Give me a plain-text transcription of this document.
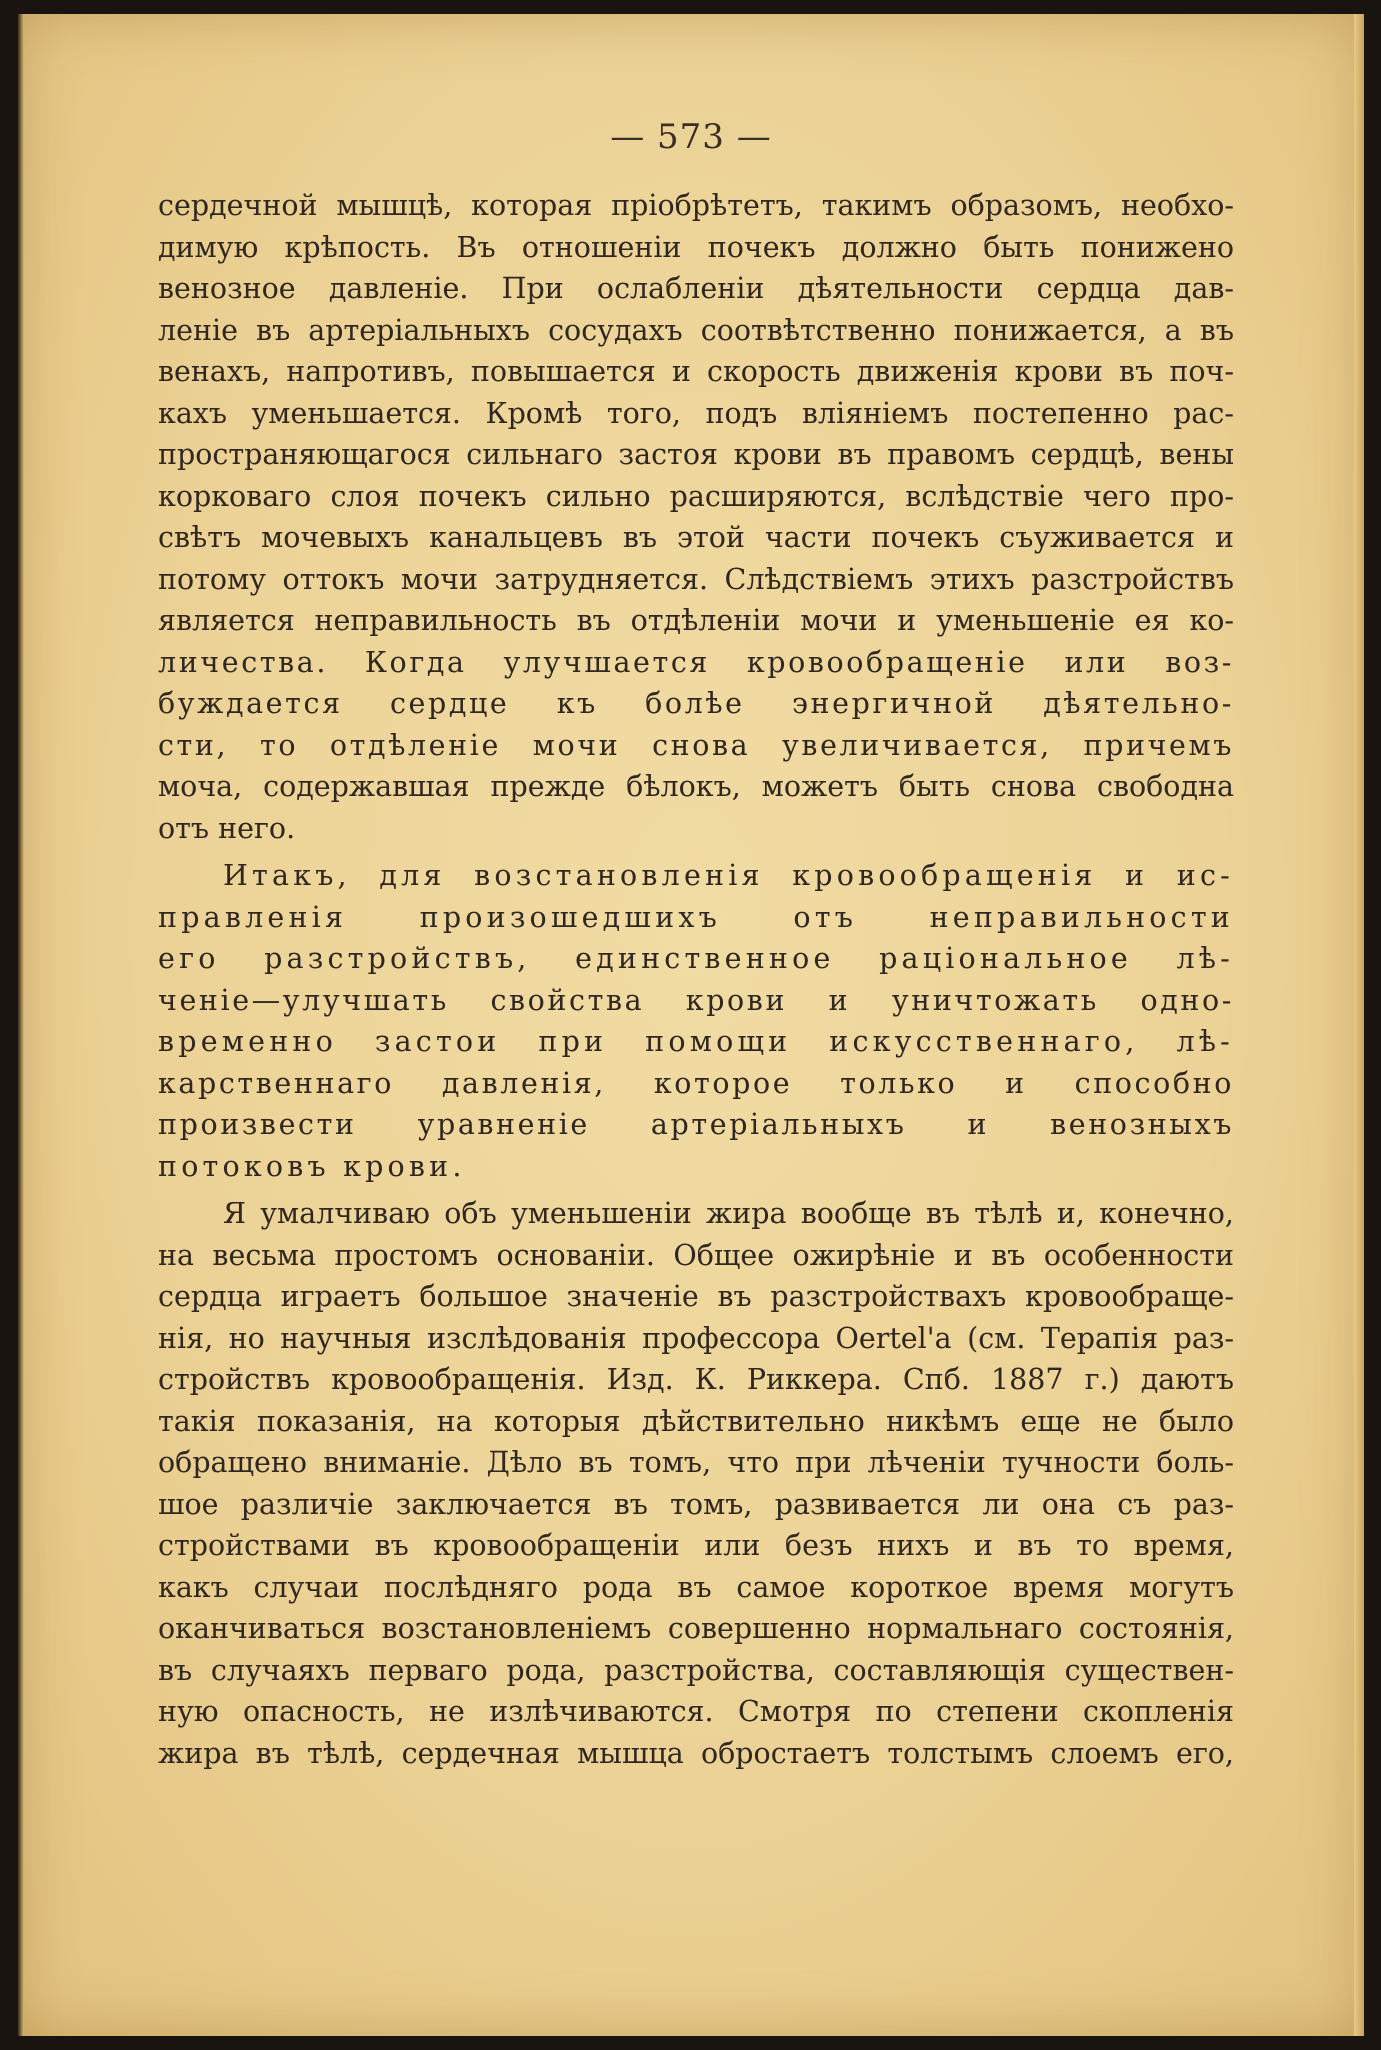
— 573 —
сердечной мышцѣ, которая пріобрѣтетъ, такимъ образомъ, необхо-
димую крѣпость. Въ отношеніи почекъ должно быть понижено
венозное давленіе. При ослабленіи дѣятельности сердца дав-
леніе въ артеріальныхъ сосудахъ соотвѣтственно понижается, а въ
венахъ, напротивъ, повышается и скорость движенія крови въ поч-
кахъ уменьшается. Кромѣ того, подъ вліяніемъ постепенно рас-
пространяющагося сильнаго застоя крови въ правомъ сердцѣ, вены
корковаго слоя почекъ сильно расширяются, вслѣдствіе чего про-
свѣтъ мочевыхъ канальцевъ въ этой части почекъ съуживается и
потому оттокъ мочи затрудняется. Слѣдствіемъ этихъ разстройствъ
является неправильность въ отдѣленіи мочи и уменьшеніе ея ко-
личества. Когда улучшается кровообращеніе или воз-
буждается сердце къ болѣе энергичной дѣятельно-
сти, то отдѣленіе мочи снова увеличивается, причемъ
моча, содержавшая прежде бѣлокъ, можетъ быть снова свободна
отъ него.
Итакъ, для возстановленія кровообращенія и ис-
правленія произошедшихъ отъ неправильности
его разстройствъ, единственное раціональное лѣ-
ченіе—улучшать свойства крови и уничтожать одно-
временно застои при помощи искусственнаго, лѣ-
карственнаго давленія, которое только и способно
произвести уравненіе артеріальныхъ и венозныхъ
потоковъ крови.
Я умалчиваю объ уменьшеніи жира вообще въ тѣлѣ и, конечно,
на весьма простомъ основаніи. Общее ожирѣніе и въ особенности
сердца играетъ большое значеніе въ разстройствахъ кровообраще-
нія, но научныя изслѣдованія профессора Oertel'а (см. Терапія раз-
стройствъ кровообращенія. Изд. К. Риккера. Спб. 1887 г.) даютъ
такія показанія, на которыя дѣйствительно никѣмъ еще не было
обращено вниманіе. Дѣло въ томъ, что при лѣченіи тучности боль-
шое различіе заключается въ томъ, развивается ли она съ раз-
стройствами въ кровообращеніи или безъ нихъ и въ то время,
какъ случаи послѣдняго рода въ самое короткое время могутъ
оканчиваться возстановленіемъ совершенно нормальнаго состоянія,
въ случаяхъ перваго рода, разстройства, составляющія существен-
ную опасность, не излѣчиваются. Смотря по степени скопленія
жира въ тѣлѣ, сердечная мышца обростаетъ толстымъ слоемъ его,
